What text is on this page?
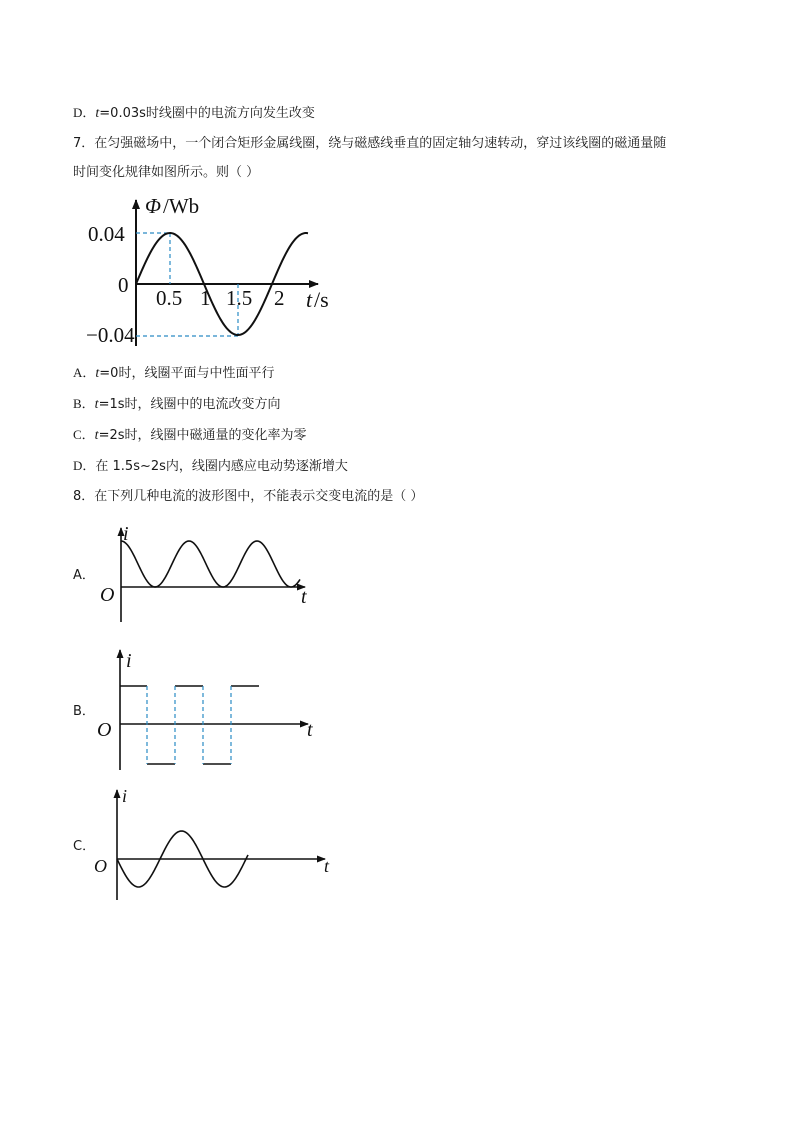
D．t=0.03s时线圈中的电流方向发生改变
7．在匀强磁场中，一个闭合矩形金属线圈，绕与磁感线垂直的固定轴匀速转动，穿过该线圈的磁通量随
时间变化规律如图所示。则（ ）
Φ /Wb
0.04
0
−0.04
0.5 1 1.5 2 t /s
A．t=0时，线圈平面与中性面平行
B．t=1s时，线圈中的电流改变方向
C．t=2s时，线圈中磁通量的变化率为零
D．在 1.5s~2s内，线圈内感应电动势逐渐增大
8．在下列几种电流的波形图中，不能表示交变电流的是（ ）
A．
B．
C．
i
O	t
i
O	t
i
O	t
